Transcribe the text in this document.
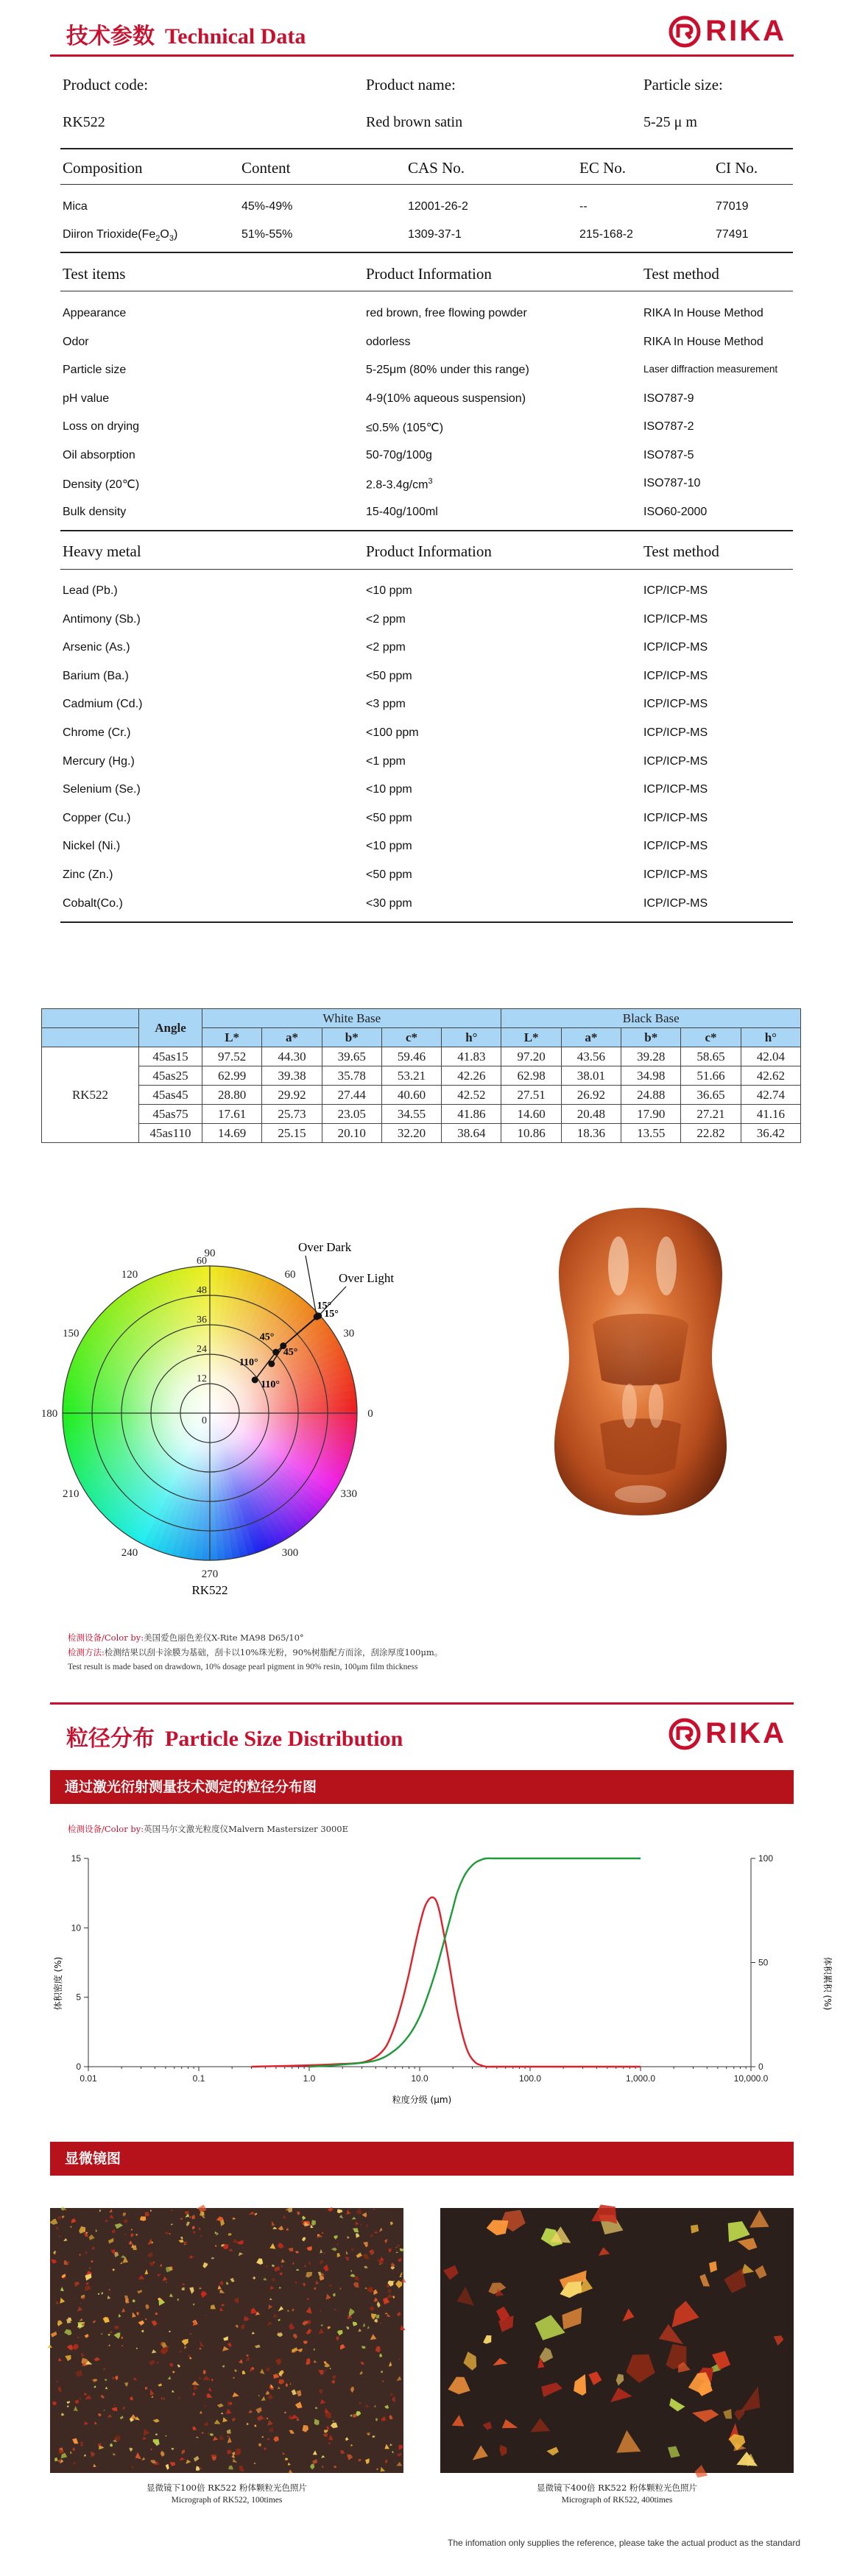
技术参数 Technical Data	RIKA
Product code:	Product name:	Particle size:
RK522	Red brown satin	5-25 μ m
Composition	Content	CAS No.	EC No.	CI No.
Mica	45%-49%	12001-26-2	--	77019
Diiron $Trioxide(Fe_2O_3)$	51%-55%	1309-37-1	215-168-2	77491
Test items	Product Information	Test method
Appearance	red brown, free flowing powder	RIKA In House Method
Odor	odorless	RIKA In House Method
Particle size	5-25μm (80% under this range)	Laser diffraction measurement
pH value	4-9(10% aqueous suspension)	ISO787-9
Loss on drying	≤0.5% (105℃)	ISO787-2
Oil absorption	50-70g/100g	ISO787-5
Density (20℃)	$2.8-3.4g/cm^3$	ISO787-10
Bulk density	15-40g/100ml	ISO60-2000
Heavy metal	Product Information	Test method
Lead (Pb.)	<10 ppm	ICP/ICP-MS
Antimony (Sb.)	<2 ppm	ICP/ICP-MS
Arsenic (As.)	<2 ppm	ICP/ICP-MS
Barium (Ba.)	<50 ppm	ICP/ICP-MS
Cadmium (Cd.)	<3 ppm	ICP/ICP-MS
Chrome (Cr.)	<100 ppm	ICP/ICP-MS
Mercury (Hg.)	<1 ppm	ICP/ICP-MS
Selenium (Se.)	<10 ppm	ICP/ICP-MS
Copper (Cu.)	<50 ppm	ICP/ICP-MS
Nickel (Ni.)	<10 ppm	ICP/ICP-MS
Zinc (Zn.)	<50 ppm	ICP/ICP-MS
Cobalt(Co.)	<30 ppm	ICP/ICP-MS
	Angle	White Base					Black Base				
		L*	a*	b*	c*	h°	L*	a*	b*	c*	h°
RK522	45as15	97.52	44.30	39.65	59.46	41.83	97.20	43.56	39.28	58.65	42.04
	45as25	62.99	39.38	35.78	53.21	42.26	62.98	38.01	34.98	51.66	42.62
	45as45	28.80	29.92	27.44	40.60	42.52	27.51	26.92	24.88	36.65	42.74
	45as75	17.61	25.73	23.05	34.55	41.86	14.60	20.48	17.90	27.21	41.16
	45as110	14.69	25.15	20.10	32.20	38.64	10.86	18.36	13.55	22.82	36.42
0
30
60
90
120
150
180
210
240
270
300
330
0
12
24
36
48
60
15°
45°
110°
15°
45°
110°
Over Dark
Over Light
RK522
检测设备/Color by:美国爱色丽色差仪X-Rite MA98 D65/10°
检测方法:检测结果以刮卡涂膜为基础，刮卡以10%珠光粉，90%树脂配方而涂，刮涂厚度100μm。
Test result is made based on drawdown, 10% dosage pearl pigment in 90% resin, 100μm film thickness
粒径分布 Particle Size Distribution	RIKA
通过激光衍射测量技术测定的粒径分布图
检测设备/Color by:英国马尔文激光粒度仪Malvern Mastersizer 3000E
0.01	0.1	1.0	10.0	100.0	1,000.0	10,000.0
0
5
10
15
0
50
100
粒度分级 (μm)
体积密度 (%)	体积累积 (%)
显微镜图
显微镜下100倍 RK522 粉体颗粒光色照片
Micrograph of RK522, 100times
显微镜下400倍 RK522 粉体颗粒光色照片
Micrograph of RK522, 400times
The infomation only supplies the reference, please take the actual product as the standard
